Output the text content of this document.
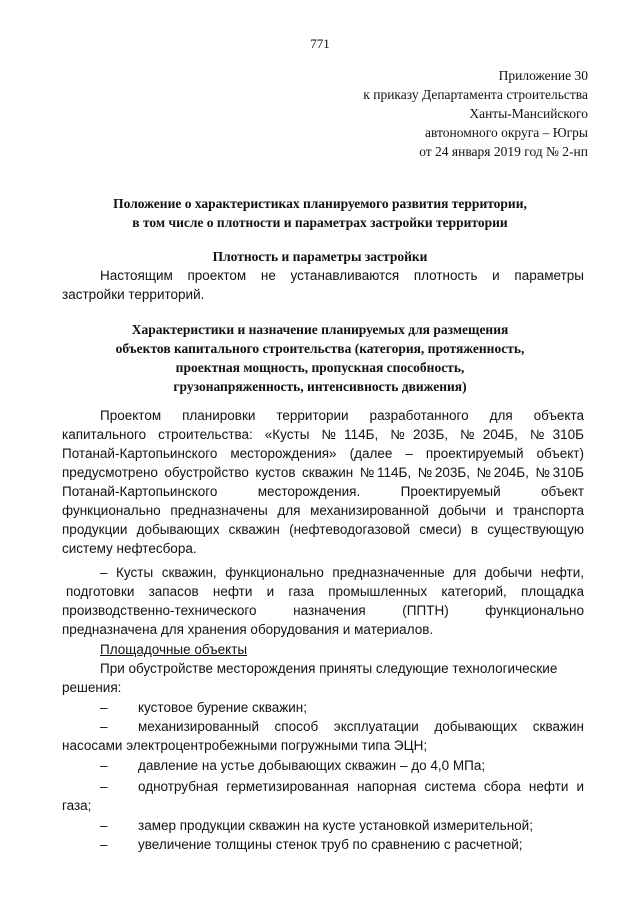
771
Приложение 30
к приказу Департамента строительства
Ханты-Мансийского
автономного округа – Югры
от 24 января 2019 год № 2-нп
Положение о характеристиках планируемого развития территории,
в том числе о плотности и параметрах застройки территории
Плотность и параметры застройки
Настоящим проектом не устанавливаются плотность и параметры
застройки территорий.
Характеристики и назначение планируемых для размещения
объектов капитального строительства (категория, протяженность,
проектная мощность, пропускная способность,
грузонапряженность, интенсивность движения)
Проектом планировки территории разработанного для объекта
капитального строительства: «Кусты №114Б, №203Б, №204Б, №310Б
Потанай-Картопьинского месторождения» (далее – проектируемый объект)
предусмотрено обустройство кустов скважин №114Б, №203Б, №204Б, №310Б
Потанай-Картопьинского месторождения. Проектируемый объект
функционально предназначены для механизированной добычи и транспорта
продукции добывающих скважин (нефтеводогазовой смеси) в существующую
систему нефтесбора.
– Кусты скважин, функционально предназначенные для добычи нефти,
подготовки запасов нефти и газа промышленных категорий, площадка
производственно-технического назначения (ППТН) функционально
предназначена для хранения оборудования и материалов.
Площадочные объекты
При обустройстве месторождения приняты следующие технологические
решения:
– кустовое бурение скважин;
– механизированный способ эксплуатации добывающих скважин
насосами электроцентробежными погружными типа ЭЦН;
– давление на устье добывающих скважин – до 4,0 МПа;
– однотрубная герметизированная напорная система сбора нефти и
газа;
– замер продукции скважин на кусте установкой измерительной;
– увеличение толщины стенок труб по сравнению с расчетной;
